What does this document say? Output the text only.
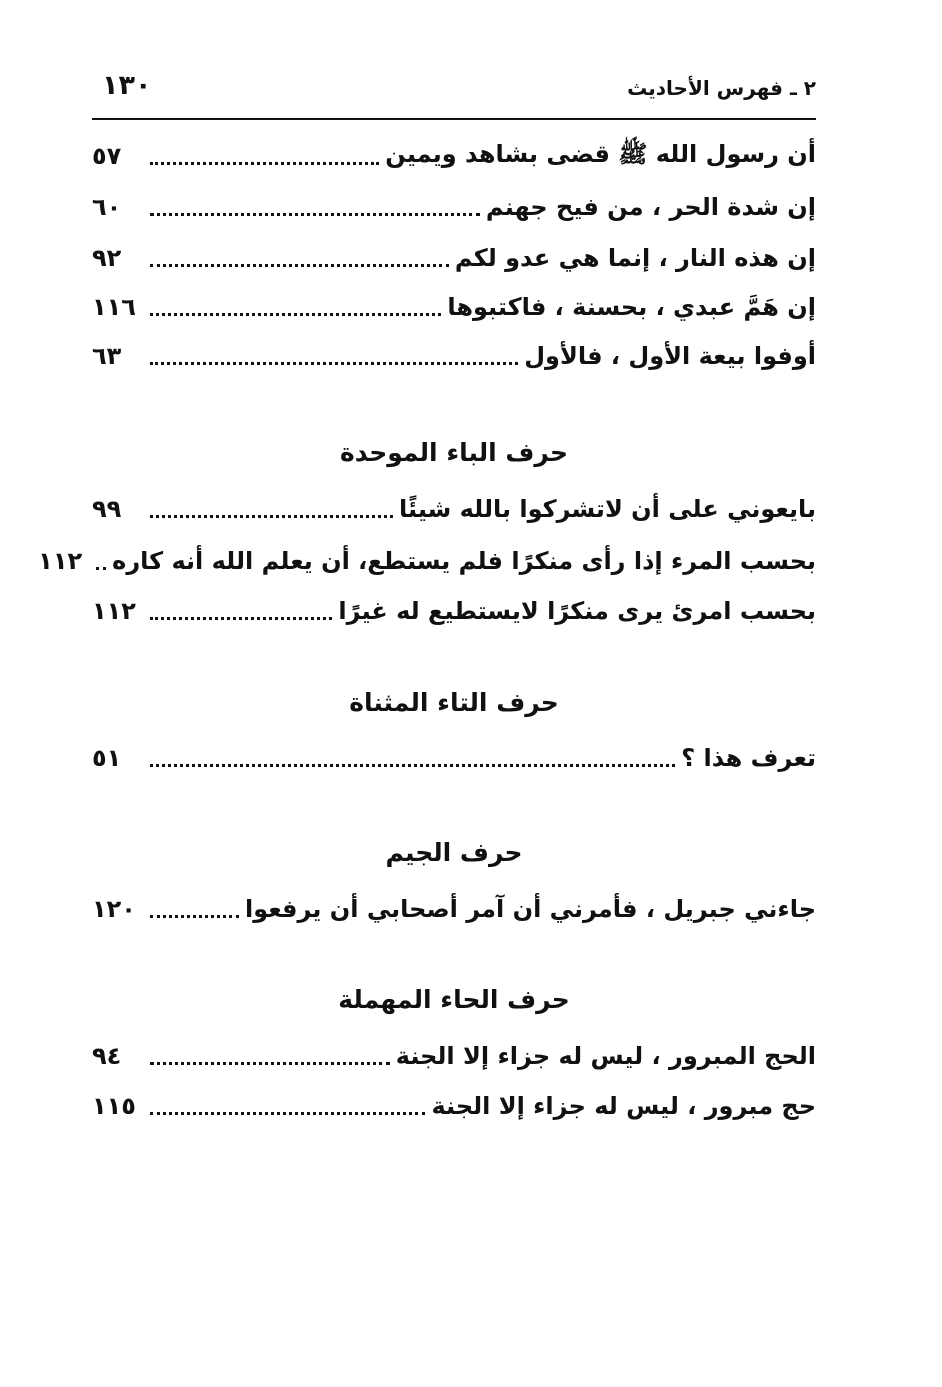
٢ ـ فهرس الأحاديث
١٣٠
أن رسول الله ﷺ قضى بشاهد ويمين
٥٧
إن شدة الحر ، من فيح جهنم
٦٠
إن هذه النار ، إنما هي عدو لكم
٩٢
إن هَمَّ عبدي ، بحسنة ، فاكتبوها
١١٦
أوفوا بيعة الأول ، فالأول
٦٣
حرف الباء الموحدة
بايعوني على أن لاتشركوا بالله شيئًا
٩٩
بحسب المرء إذا رأى منكرًا فلم يستطع، أن يعلم الله أنه كاره
١١٢
بحسب امرئ يرى منكرًا لايستطيع له غيرًا
١١٢
حرف التاء المثناة
تعرف هذا ؟
٥١
حرف الجيم
جاءني جبريل ، فأمرني أن آمر أصحابي أن يرفعوا
١٢٠
حرف الحاء المهملة
الحج المبرور ، ليس له جزاء إلا الجنة
٩٤
حج مبرور ، ليس له جزاء إلا الجنة
١١٥
